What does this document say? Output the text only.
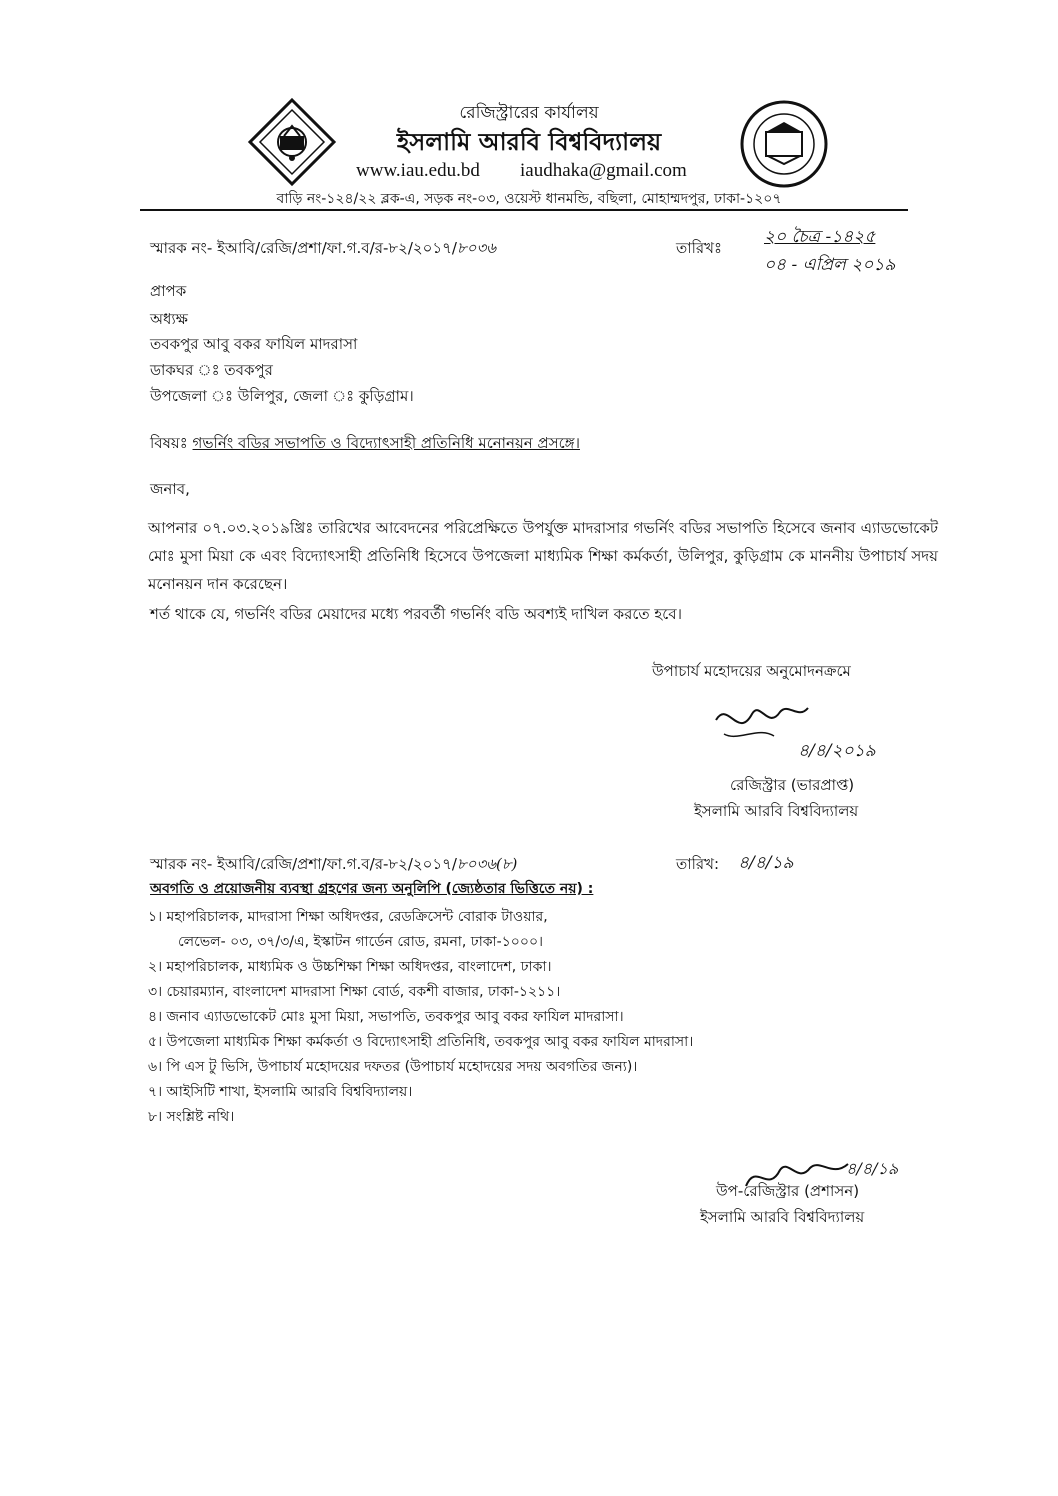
রেজিস্ট্রারের কার্যালয়
ইসলামি আরবি বিশ্ববিদ্যালয়
www.iau.edu.bd iaudhaka@gmail.com
বাড়ি নং-১২৪/২২ ব্লক-এ, সড়ক নং-০৩, ওয়েস্ট ধানমন্ডি, বছিলা, মোহাম্মদপুর, ঢাকা-১২০৭
স্মারক নং- ইআবি/রেজি/প্রশা/ফা.গ.ব/র-৮২/২০১৭/৮০৩৬	তারিখঃ
২০ চৈত্র -১৪২৫
০৪ - এপ্রিল ২০১৯
প্রাপক
অধ্যক্ষ
তবকপুর আবু বকর ফাযিল মাদরাসা
ডাকঘর ঃ তবকপুর
উপজেলা ঃ উলিপুর, জেলা ঃ কুড়িগ্রাম।
বিষয়ঃ গভর্নিং বডির সভাপতি ও বিদ্যোৎসাহী প্রতিনিধি মনোনয়ন প্রসঙ্গে।
জনাব,
আপনার ০৭.০৩.২০১৯খ্রিঃ তারিখের আবেদনের পরিপ্রেক্ষিতে উপর্যুক্ত মাদরাসার গভর্নিং বডির সভাপতি হিসেবে জনাব এ্যাডভোকেট মোঃ মুসা মিয়া কে এবং বিদ্যোৎসাহী প্রতিনিধি হিসেবে উপজেলা মাধ্যমিক শিক্ষা কর্মকর্তা, উলিপুর, কুড়িগ্রাম কে মাননীয় উপাচার্য সদয় মনোনয়ন দান করেছেন।
শর্ত থাকে যে, গভর্নিং বডির মেয়াদের মধ্যে পরবর্তী গভর্নিং বডি অবশ্যই দাখিল করতে হবে।
উপাচার্য মহোদয়ের অনুমোদনক্রমে
৪/৪/২০১৯
রেজিস্ট্রার (ভারপ্রাপ্ত)
ইসলামি আরবি বিশ্ববিদ্যালয়
স্মারক নং- ইআবি/রেজি/প্রশা/ফা.গ.ব/র-৮২/২০১৭/৮০৩৬(৮)	তারিখ: ৪/৪/১৯
অবগতি ও প্রয়োজনীয় ব্যবস্থা গ্রহণের জন্য অনুলিপি (জ্যেষ্ঠতার ভিত্তিতে নয়) :
১। মহাপরিচালক, মাদরাসা শিক্ষা অধিদপ্তর, রেডক্রিসেন্ট বোরাক টাওয়ার,
লেভেল- ০৩, ৩৭/৩/এ, ইস্কাটন গার্ডেন রোড, রমনা, ঢাকা-১০০০।
২। মহাপরিচালক, মাধ্যমিক ও উচ্চশিক্ষা শিক্ষা অধিদপ্তর, বাংলাদেশ, ঢাকা।
৩। চেয়ারম্যান, বাংলাদেশ মাদরাসা শিক্ষা বোর্ড, বকশী বাজার, ঢাকা-১২১১।
৪। জনাব এ্যাডভোকেট মোঃ মুসা মিয়া, সভাপতি, তবকপুর আবু বকর ফাযিল মাদরাসা।
৫। উপজেলা মাধ্যমিক শিক্ষা কর্মকর্তা ও বিদ্যোৎসাহী প্রতিনিধি, তবকপুর আবু বকর ফাযিল মাদরাসা।
৬। পি এস টু ভিসি, উপাচার্য মহোদয়ের দফতর (উপাচার্য মহোদয়ের সদয় অবগতির জন্য)।
৭। আইসিটি শাখা, ইসলামি আরবি বিশ্ববিদ্যালয়।
৮। সংশ্লিষ্ট নথি।
৪/৪/১৯
উপ-রেজিস্ট্রার (প্রশাসন)
ইসলামি আরবি বিশ্ববিদ্যালয়
